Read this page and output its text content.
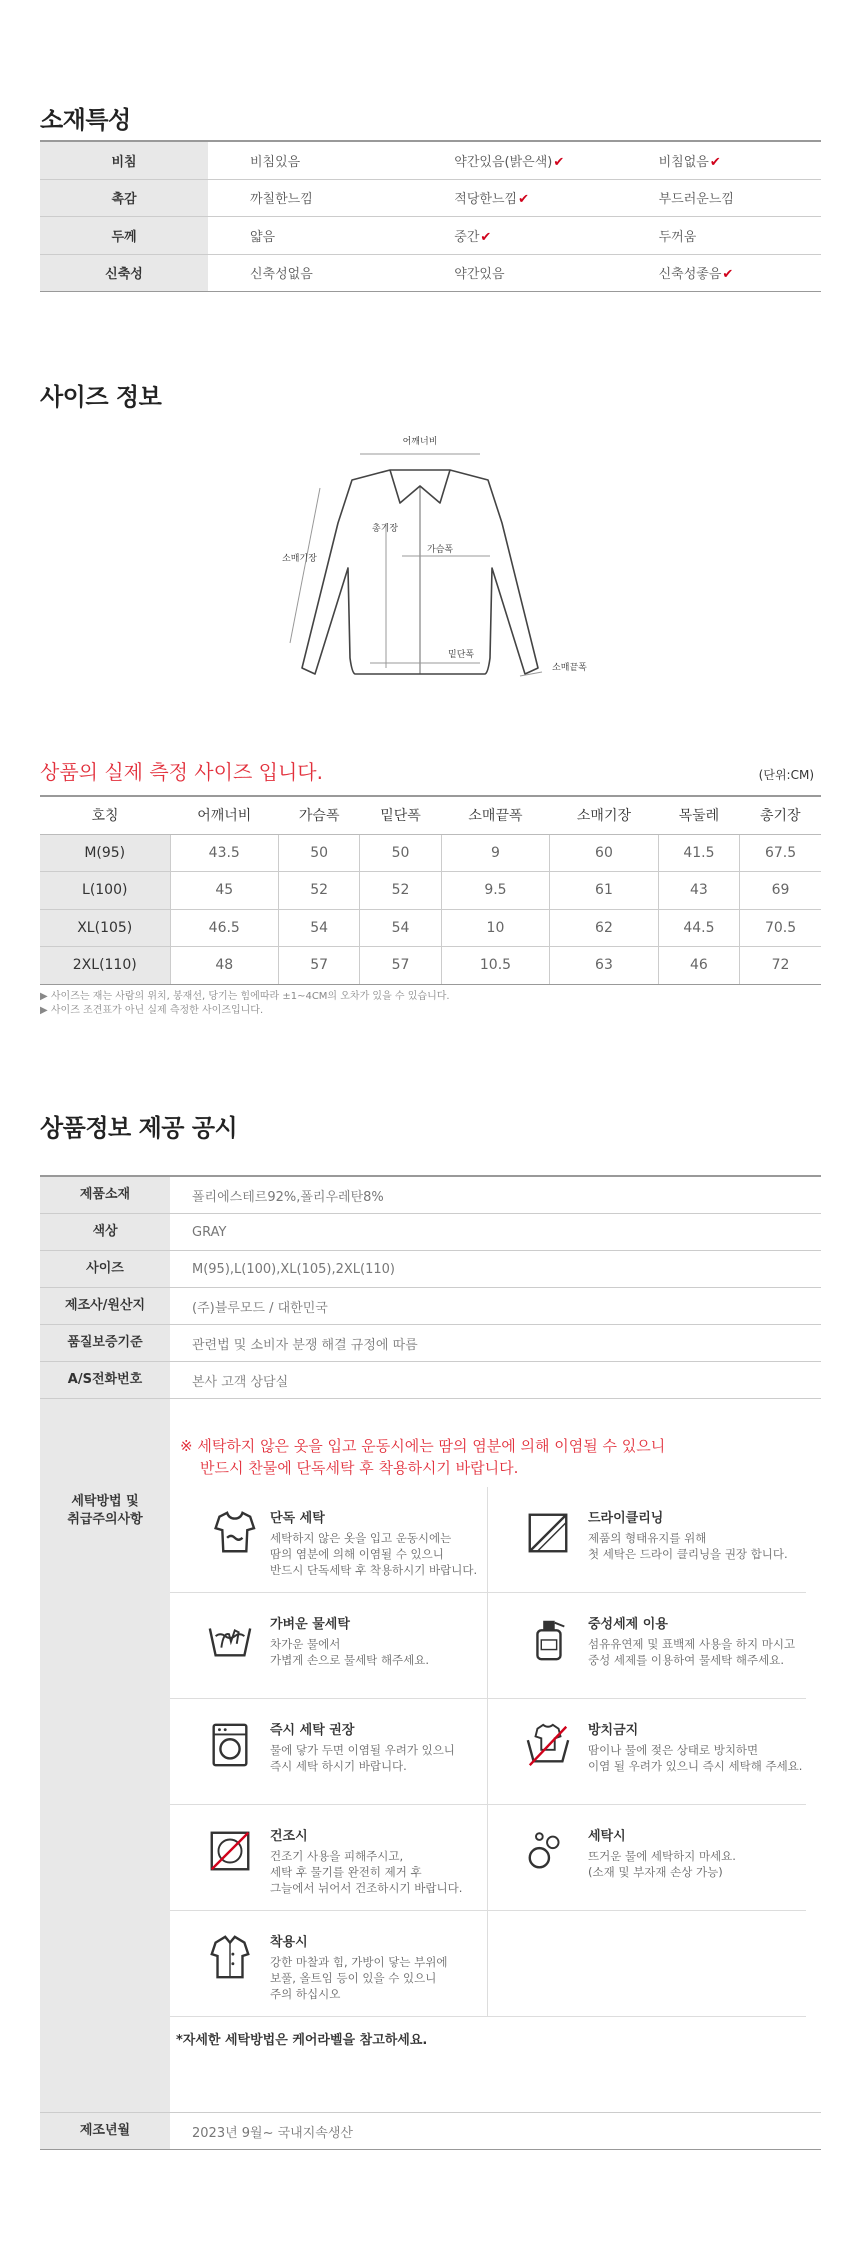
소재특성
비침	비침있음	약간있음(밝은색)✔	비침없음✔
촉감	까칠한느낌	적당한느낌✔	부드러운느낌
두께	얇음	중간✔	두꺼움
신축성	신축성없음	약간있음	신축성좋음✔
사이즈 정보
어깨너비
소매기장
총기장
가슴폭
밑단폭
소매끝폭
상품의 실제 측정 사이즈 입니다.	(단위:CM)
호칭	어깨너비	가슴폭	밑단폭	소매끝폭	소매기장	목둘레	총기장
M(95)	43.5	50	50	9	60	41.5	67.5
L(100)	45	52	52	9.5	61	43	69
XL(105)	46.5	54	54	10	62	44.5	70.5
2XL(110)	48	57	57	10.5	63	46	72
▶ 사이즈는 재는 사람의 위치, 봉재선, 당기는 힘에따라 ±1~4CM의 오차가 있을 수 있습니다.
▶ 사이즈 조견표가 아닌 실제 측정한 사이즈입니다.
상품정보 제공 공시
제품소재	폴리에스테르92%,폴리우레탄8%
색상	GRAY
사이즈	M(95),L(100),XL(105),2XL(110)
제조사/원산지	(주)블루모드 / 대한민국
품질보증기준	관련법 및 소비자 분쟁 해결 규정에 따름
A/S전화번호	본사 고객 상담실
세탁방법 및
취급주의사항
※ 세탁하지 않은 옷을 입고 운동시에는 땀의 염분에 의해 이염될 수 있으니
반드시 찬물에 단독세탁 후 착용하시기 바랍니다.
단독 세탁
세탁하지 않은 옷을 입고 운동시에는
땀의 염분에 의해 이염될 수 있으니
반드시 단독세탁 후 착용하시기 바랍니다.
드라이클리닝
제품의 형태유지를 위해
첫 세탁은 드라이 클리닝을 권장 합니다.
가벼운 물세탁
차가운 물에서
가볍게 손으로 물세탁 해주세요.
중성세제 이용
섬유유연제 및 표백제 사용을 하지 마시고
중성 세제를 이용하여 물세탁 해주세요.
즉시 세탁 권장
물에 닿가 두면 이염될 우려가 있으니
즉시 세탁 하시기 바랍니다.
방치금지
땀이나 물에 젖은 상태로 방치하면
이염 될 우려가 있으니 즉시 세탁해 주세요.
건조시
건조기 사용을 피해주시고,
세탁 후 물기를 완전히 제거 후
그늘에서 뉘어서 건조하시기 바랍니다.
세탁시
뜨거운 물에 세탁하지 마세요.
(소재 및 부자재 손상 가능)
착용시
강한 마찰과 힘, 가방이 닿는 부위에
보풀, 올트임 등이 있을 수 있으니
주의 하십시오
*자세한 세탁방법은 케어라벨을 참고하세요.
제조년월	2023년 9월~ 국내지속생산
